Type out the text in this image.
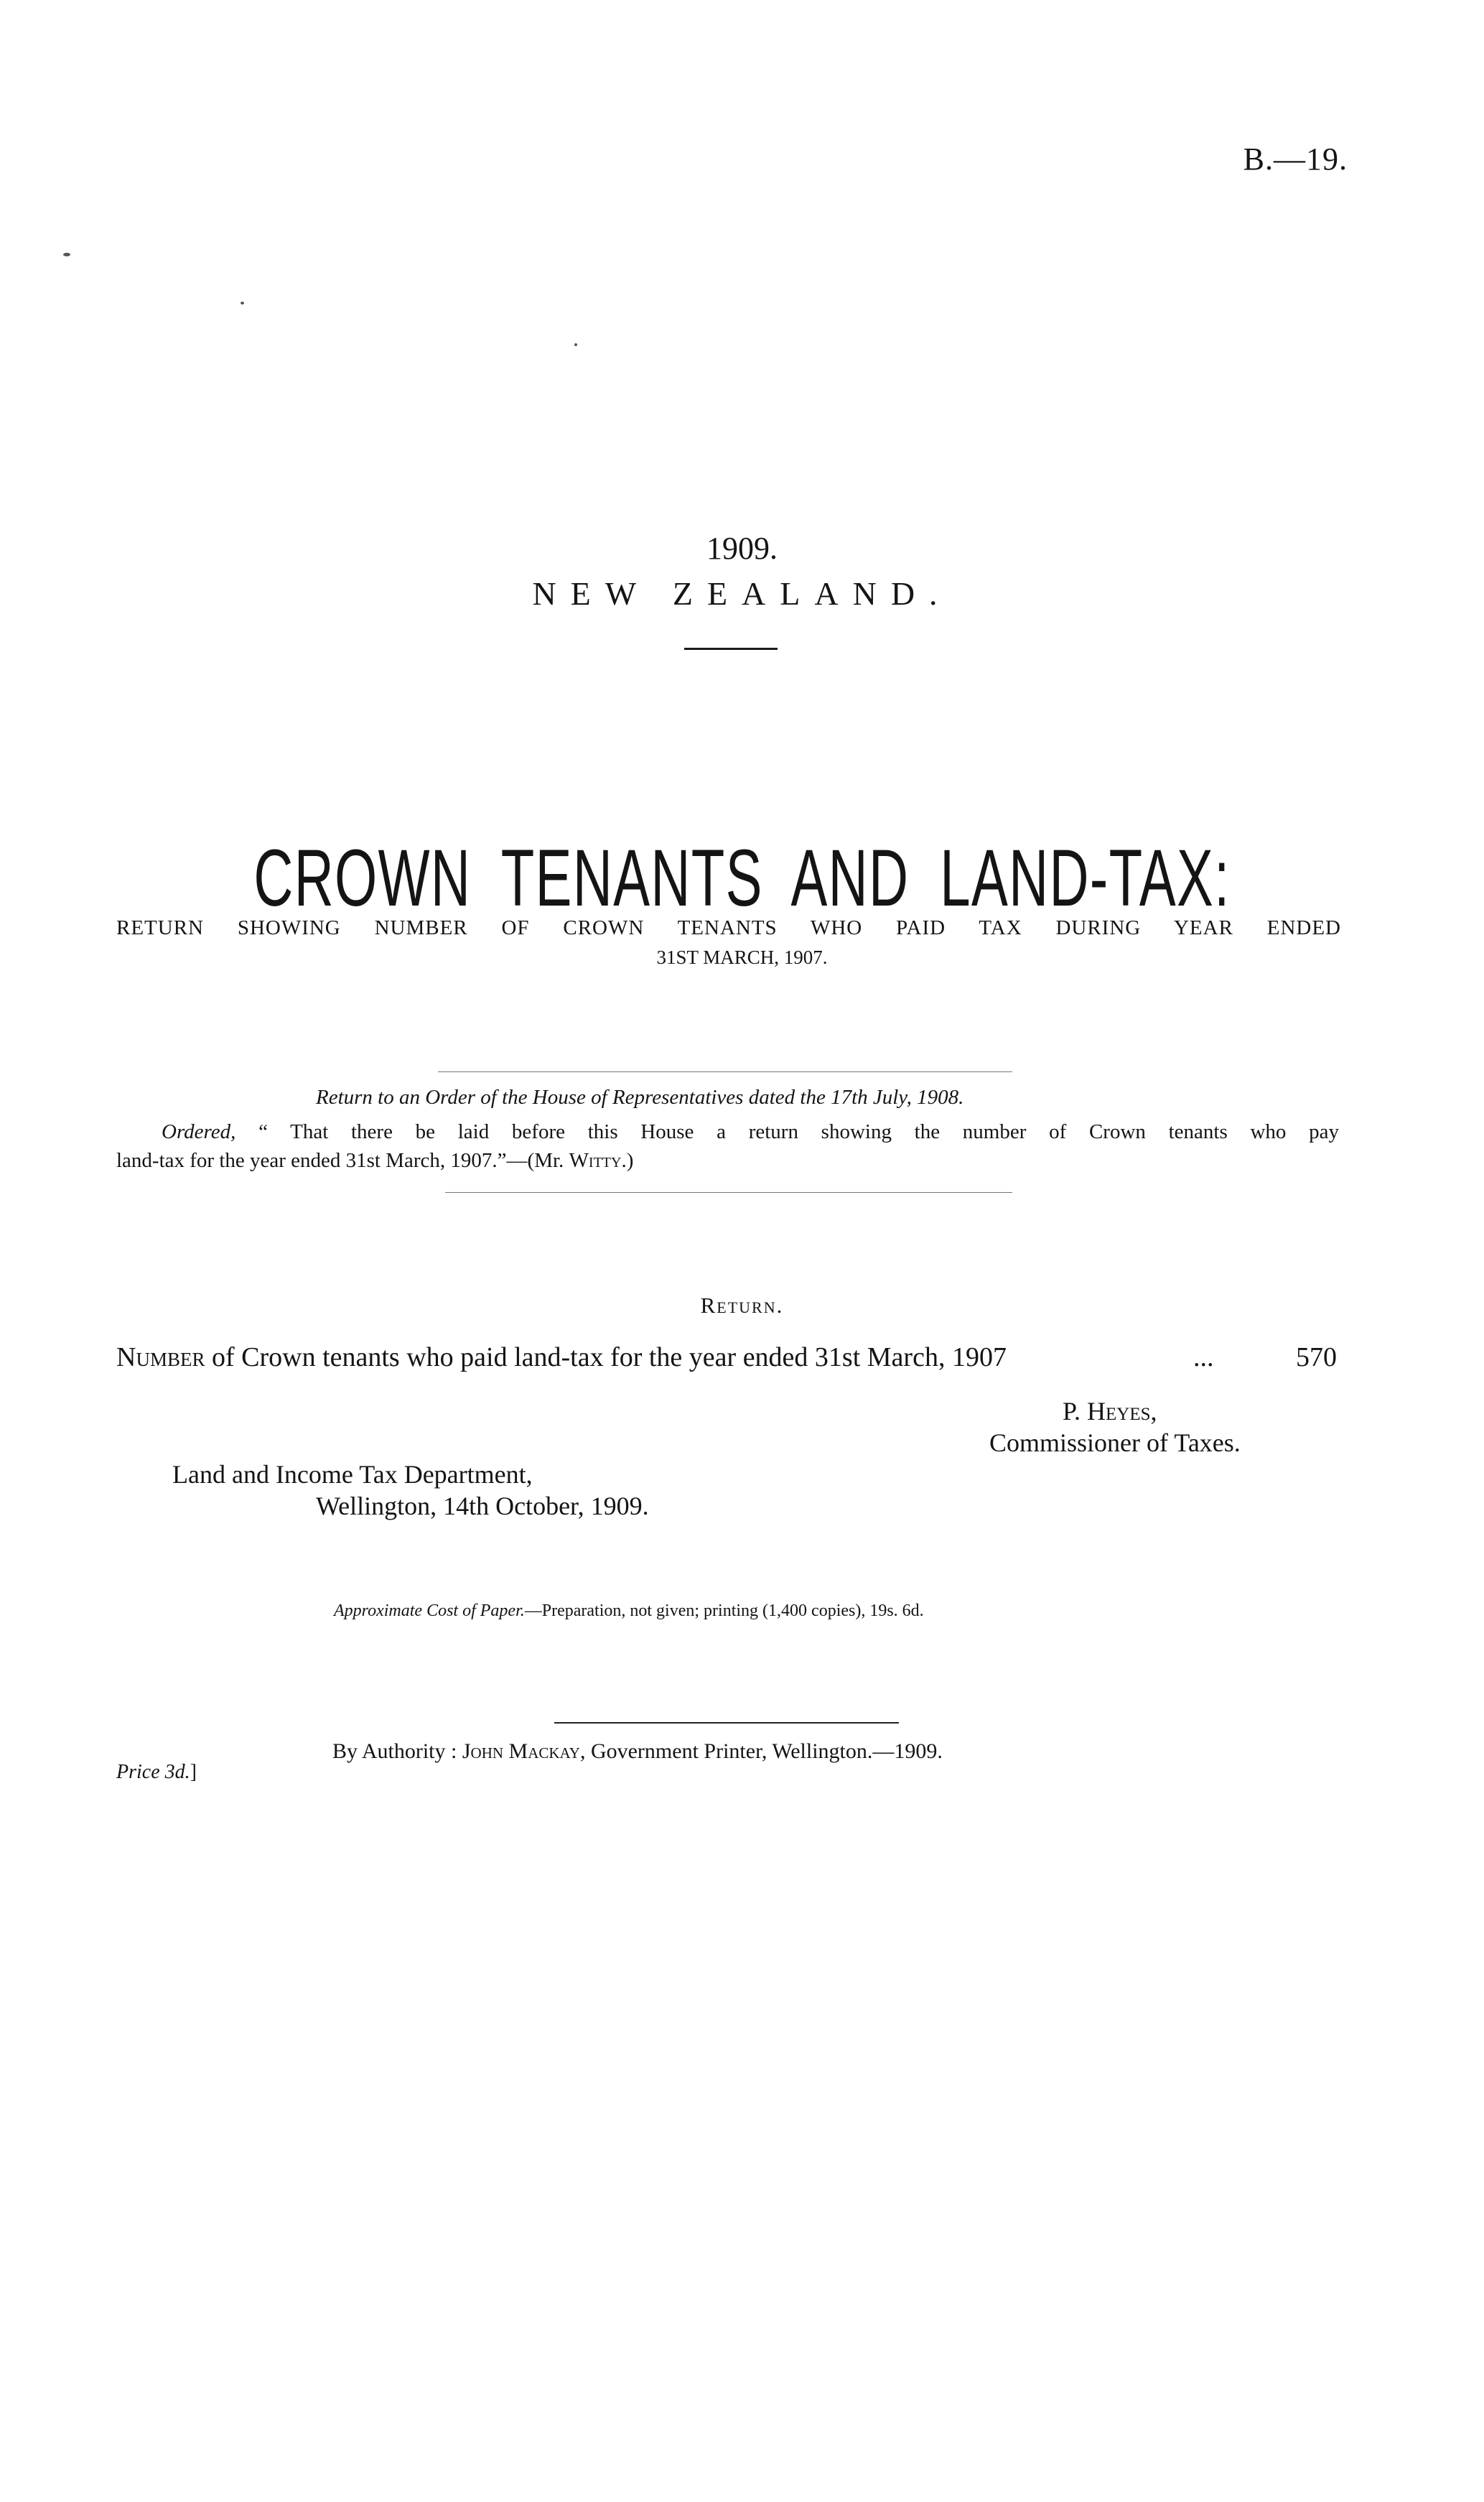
B.—19.
1909.
NEW ZEALAND.
CROWN TENANTS AND LAND-TAX:
RETURN SHOWING NUMBER OF CROWN TENANTS WHO PAID TAX DURING YEAR ENDED
31ST MARCH, 1907.
Return to an Order of the House of Representatives dated the 17th July, 1908.
Ordered, “ That there be laid before this House a return showing the number of Crown tenants who pay
land-tax for the year ended 31st March, 1907.”—(Mr. Witty.)
Return.
Number of Crown tenants who paid land-tax for the year ended 31st March, 1907	...	570
P. Heyes,
Commissioner of Taxes.
Land and Income Tax Department,
Wellington, 14th October, 1909.
Approximate Cost of Paper.—Preparation, not given; printing (1,400 copies), 19s. 6d.
By Authority : John Mackay, Government Printer, Wellington.—1909.
Price 3d.]
